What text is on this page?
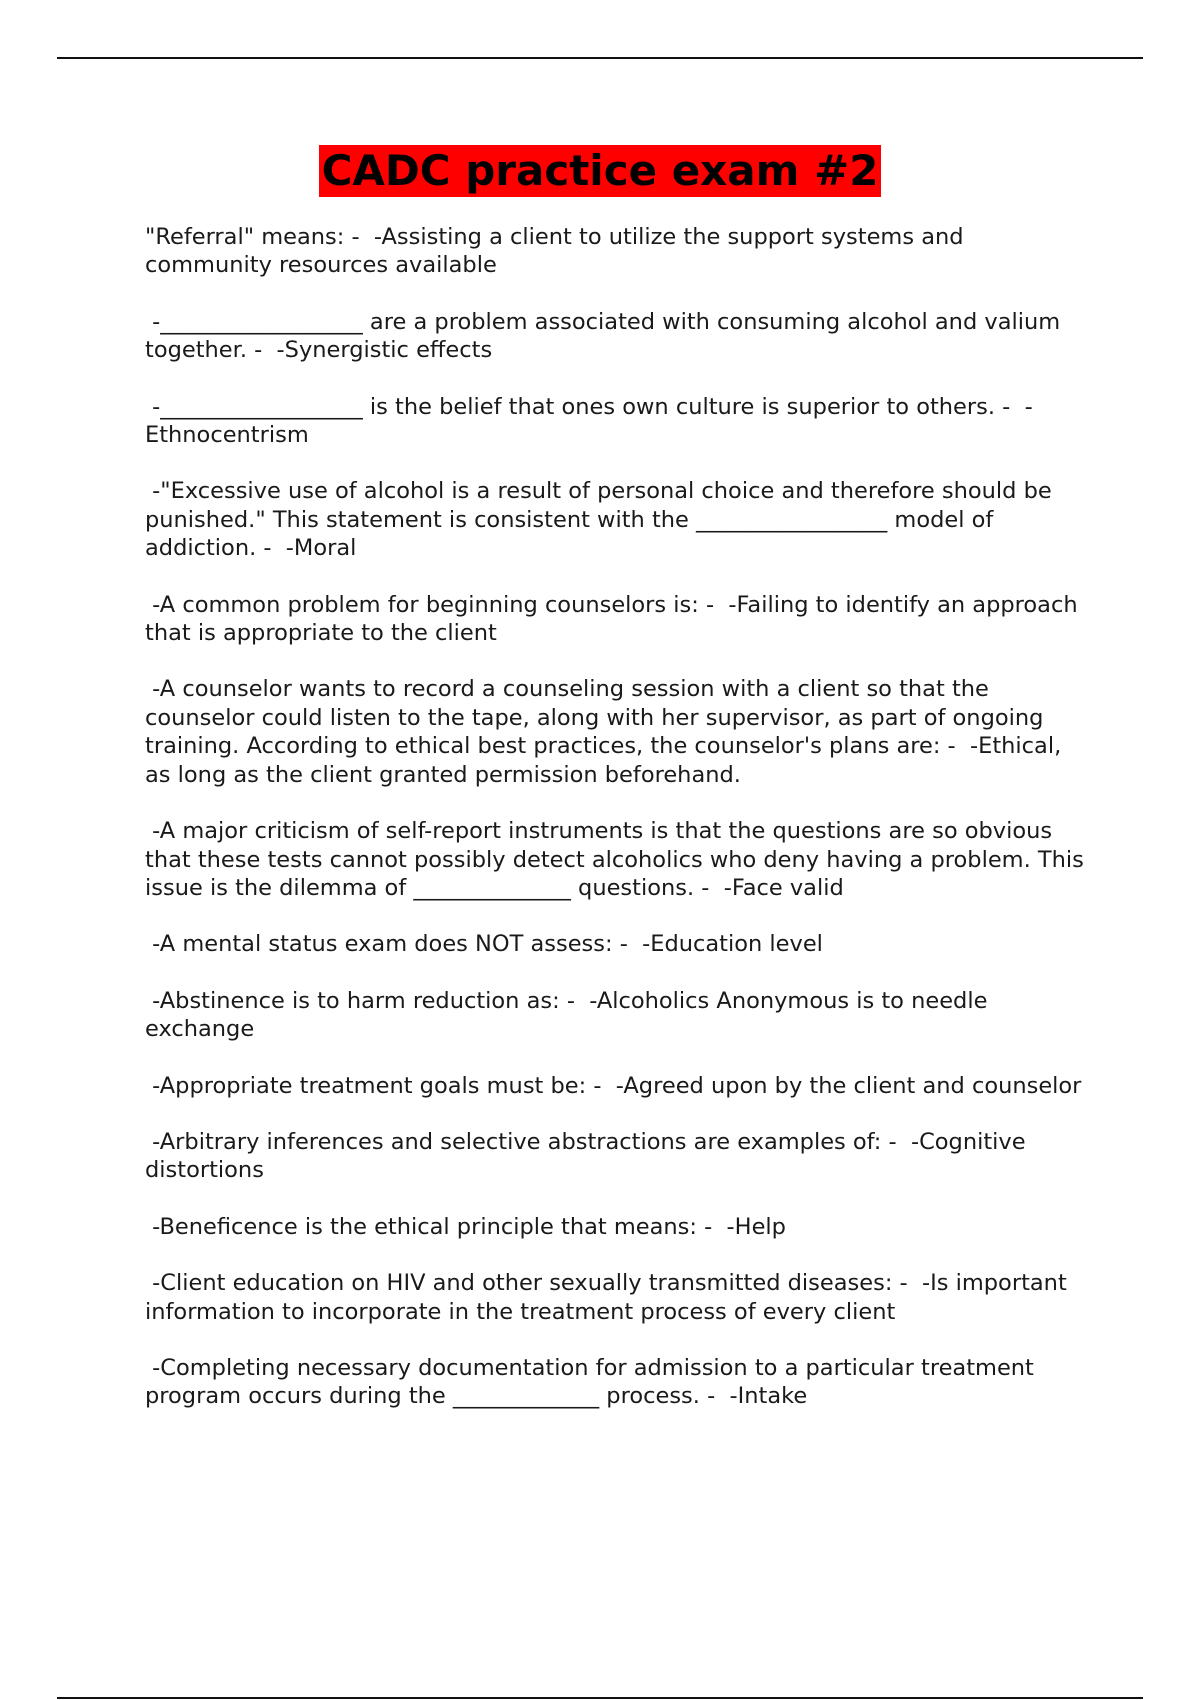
CADC practice exam #2

"Referral" means: -  -Assisting a client to utilize the support systems and community resources available

-__________________ are a problem associated with consuming alcohol and valium together. -  -Synergistic effects

-__________________ is the belief that ones own culture is superior to others. -  -Ethnocentrism

-"Excessive use of alcohol is a result of personal choice and therefore should be punished." This statement is consistent with the _________________ model of addiction. -  -Moral

-A common problem for beginning counselors is: -  -Failing to identify an approach that is appropriate to the client

-A counselor wants to record a counseling session with a client so that the counselor could listen to the tape, along with her supervisor, as part of ongoing training. According to ethical best practices, the counselor's plans are: -  -Ethical, as long as the client granted permission beforehand.

-A major criticism of self-report instruments is that the questions are so obvious that these tests cannot possibly detect alcoholics who deny having a problem. This issue is the dilemma of ______________ questions. -  -Face valid

-A mental status exam does NOT assess: -  -Education level

-Abstinence is to harm reduction as: -  -Alcoholics Anonymous is to needle exchange

-Appropriate treatment goals must be: -  -Agreed upon by the client and counselor

-Arbitrary inferences and selective abstractions are examples of: -  -Cognitive distortions

-Beneficence is the ethical principle that means: -  -Help

-Client education on HIV and other sexually transmitted diseases: -  -Is important information to incorporate in the treatment process of every client

-Completing necessary documentation for admission to a particular treatment program occurs during the _____________ process. -  -Intake
